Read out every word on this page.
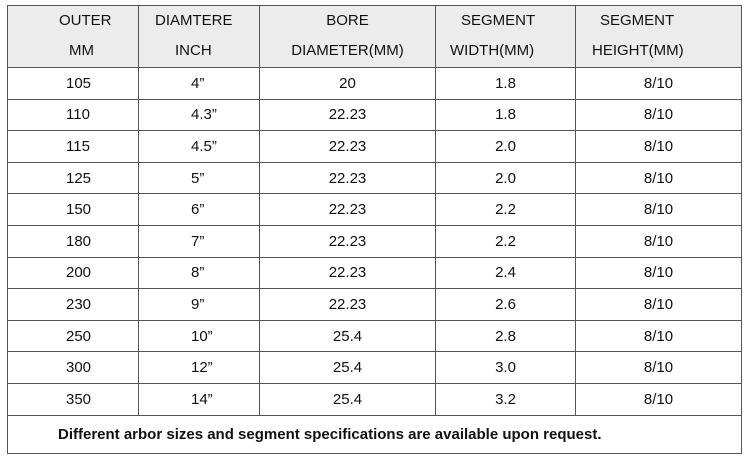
OUTER	DIAMTERE	BORE	SEGMENT	SEGMENT
MM	INCH	DIAMETER(MM)	WIDTH(MM)	HEIGHT(MM)
105	4”	20	1.8	8/10
110	4.3”	22.23	1.8	8/10
115	4.5”	22.23	2.0	8/10
125	5”	22.23	2.0	8/10
150	6”	22.23	2.2	8/10
180	7”	22.23	2.2	8/10
200	8”	22.23	2.4	8/10
230	9”	22.23	2.6	8/10
250	10”	25.4	2.8	8/10
300	12”	25.4	3.0	8/10
350	14”	25.4	3.2	8/10
Different arbor sizes and segment specifications are available upon request.				
